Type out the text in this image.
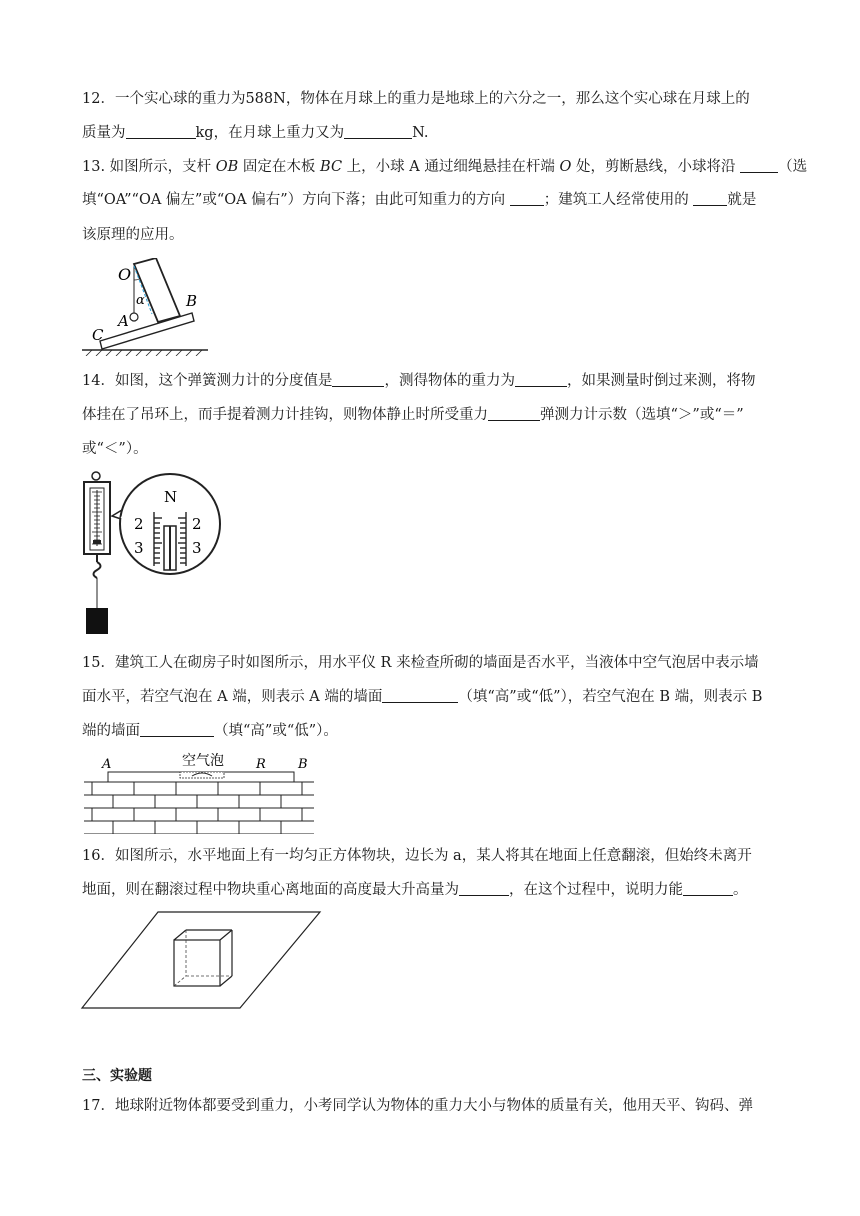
12．一个实心球的重力为588N，物体在月球上的重力是地球上的六分之一，那么这个实心球在月球上的
质量为	kg，在月球上重力又为	N.
13. 如图所示，支杆 OB 固定在木板 BC 上，小球 A 通过细绳悬挂在杆端 O 处，剪断悬线，小球将沿	（选
填“OA”“OA 偏左”或“OA 偏右”）方向下落；由此可知重力的方向	；建筑工人经常使用的	就是
该原理的应用。
O
α
A
B
C
14．如图，这个弹簧测力计的分度值是	，测得物体的重力为	，如果测量时倒过来测，将物
体挂在了吊环上，而手提着测力计挂钩，则物体静止时所受重力	弹测力计示数（选填“＞”或“＝”
或“＜”）。
N
2
3
2
3
15．建筑工人在砌房子时如图所示，用水平仪 R 来检查所砌的墙面是否水平，当液体中空气泡居中表示墙
面水平，若空气泡在 A 端，则表示 A 端的墙面	（填“高”或“低”），若空气泡在 B 端，则表示 B
端的墙面	（填“高”或“低”）。
A	空气泡 R B
16．如图所示，水平地面上有一均匀正方体物块，边长为 a，某人将其在地面上任意翻滚，但始终未离开
地面，则在翻滚过程中物块重心离地面的高度最大升高量为	，在这个过程中，说明力能	。
三、实验题
17．地球附近物体都要受到重力，小考同学认为物体的重力大小与物体的质量有关，他用天平、钩码、弹
